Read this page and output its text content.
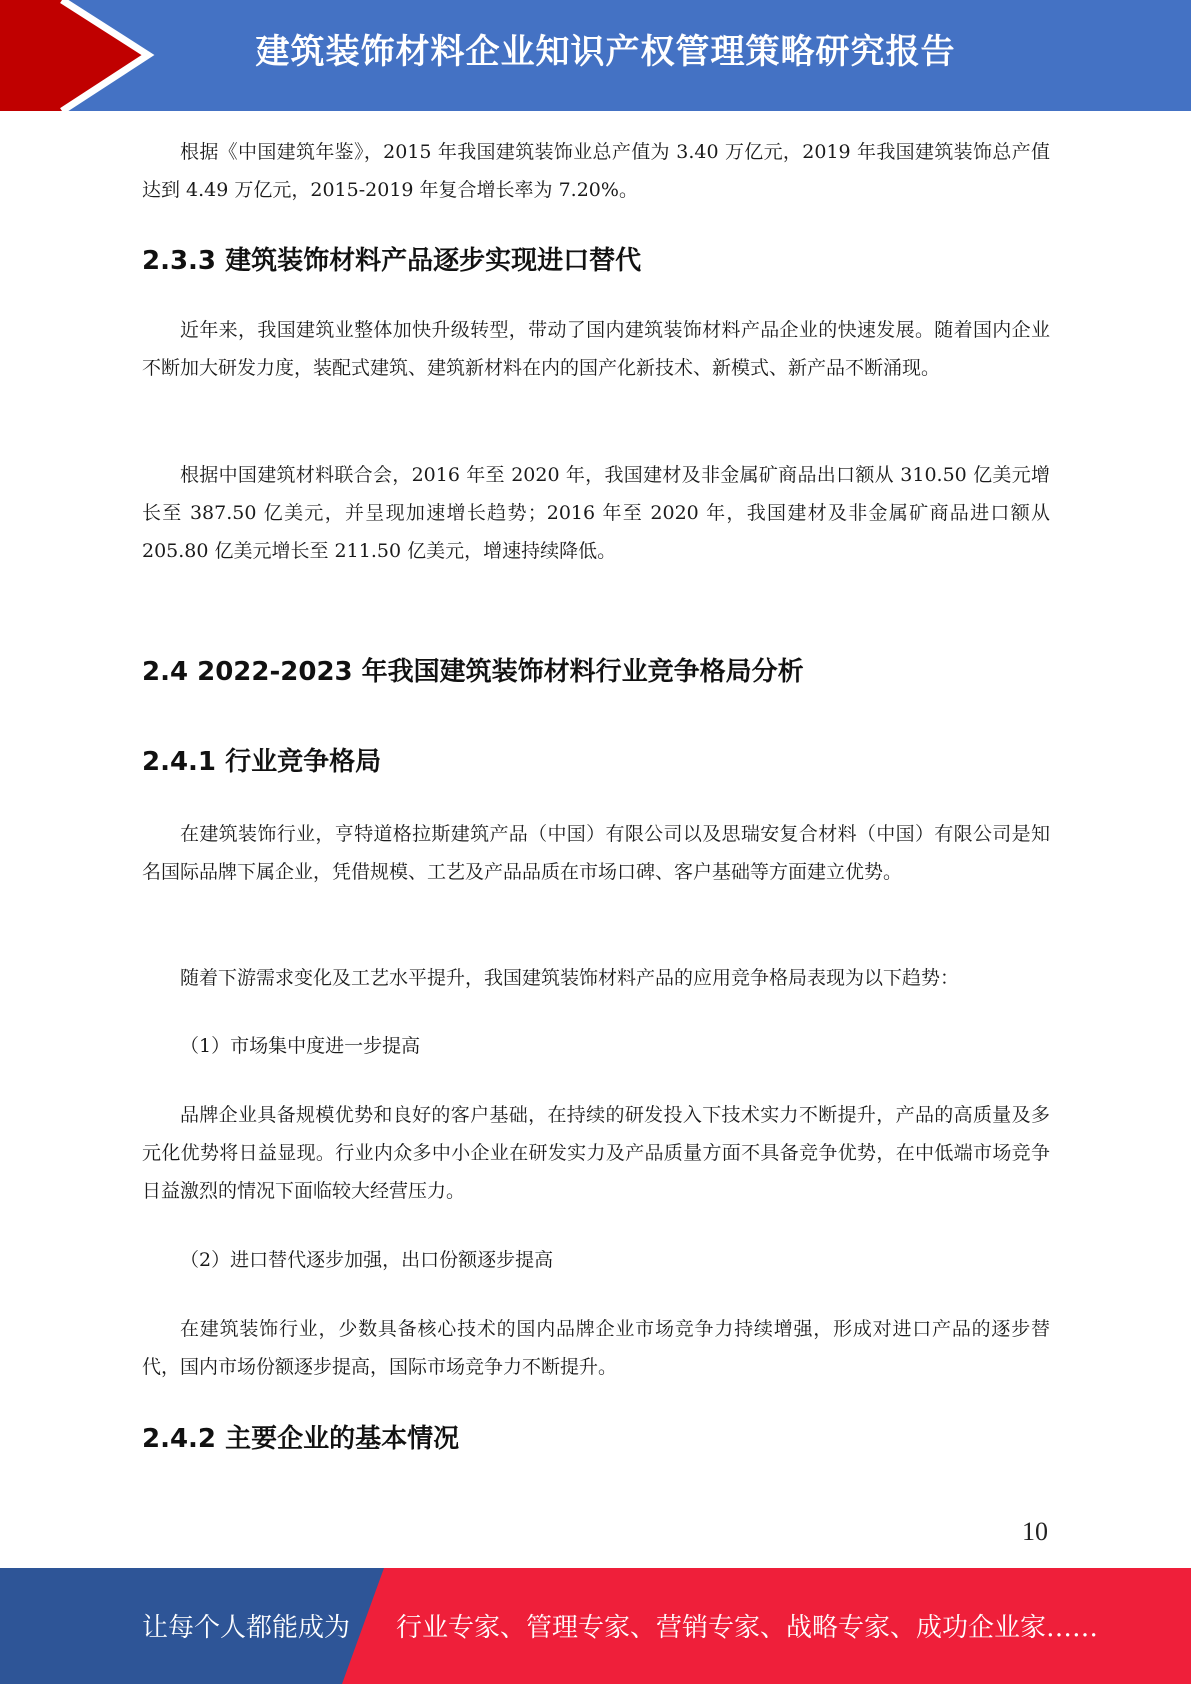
建筑装饰材料企业知识产权管理策略研究报告

根据《中国建筑年鉴》，2015 年我国建筑装饰业总产值为 3.40 万亿元，2019 年我国建筑装饰总产值达到 4.49 万亿元，2015-2019 年复合增长率为 7.20%。

2.3.3 建筑装饰材料产品逐步实现进口替代

近年来，我国建筑业整体加快升级转型，带动了国内建筑装饰材料产品企业的快速发展。随着国内企业不断加大研发力度，装配式建筑、建筑新材料在内的国产化新技术、新模式、新产品不断涌现。

根据中国建筑材料联合会，2016 年至 2020 年，我国建材及非金属矿商品出口额从 310.50 亿美元增长至 387.50 亿美元，并呈现加速增长趋势；2016 年至 2020 年，我国建材及非金属矿商品进口额从 205.80 亿美元增长至 211.50 亿美元，增速持续降低。

2.4 2022-2023 年我国建筑装饰材料行业竞争格局分析
2.4.1 行业竞争格局

在建筑装饰行业，亨特道格拉斯建筑产品（中国）有限公司以及思瑞安复合材料（中国）有限公司是知名国际品牌下属企业，凭借规模、工艺及产品品质在市场口碑、客户基础等方面建立优势。

随着下游需求变化及工艺水平提升，我国建筑装饰材料产品的应用竞争格局表现为以下趋势：

（1）市场集中度进一步提高

品牌企业具备规模优势和良好的客户基础，在持续的研发投入下技术实力不断提升，产品的高质量及多元化优势将日益显现。行业内众多中小企业在研发实力及产品质量方面不具备竞争优势，在中低端市场竞争日益激烈的情况下面临较大经营压力。

（2）进口替代逐步加强，出口份额逐步提高

在建筑装饰行业，少数具备核心技术的国内品牌企业市场竞争力持续增强，形成对进口产品的逐步替代，国内市场份额逐步提高，国际市场竞争力不断提升。

2.4.2 主要企业的基本情况
10
让每个人都能成为 行业专家、管理专家、营销专家、战略专家、成功企业家……
